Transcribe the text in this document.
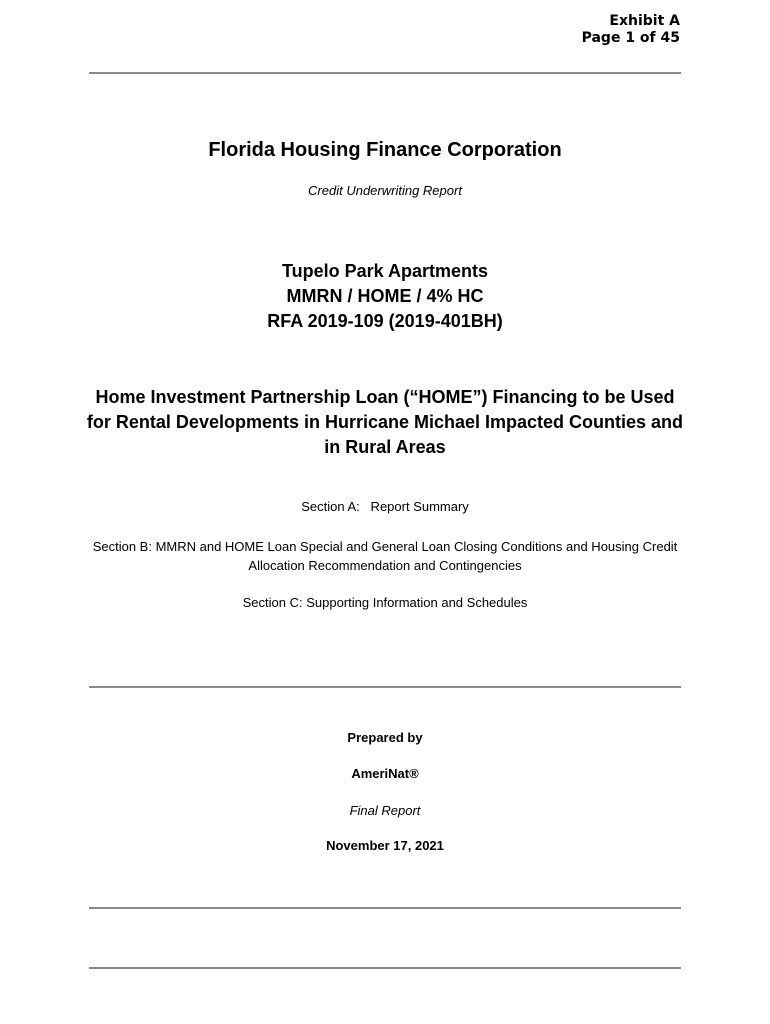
Exhibit A
Page 1 of 45
Florida Housing Finance Corporation
Credit Underwriting Report
Tupelo Park Apartments
MMRN / HOME / 4% HC
RFA 2019-109 (2019-401BH)
Home Investment Partnership Loan (“HOME”) Financing to be Used for Rental Developments in Hurricane Michael Impacted Counties and in Rural Areas
Section A:   Report Summary
Section B: MMRN and HOME Loan Special and General Loan Closing Conditions and Housing Credit Allocation Recommendation and Contingencies
Section C: Supporting Information and Schedules
Prepared by
AmeriNat®
Final Report
November 17, 2021
